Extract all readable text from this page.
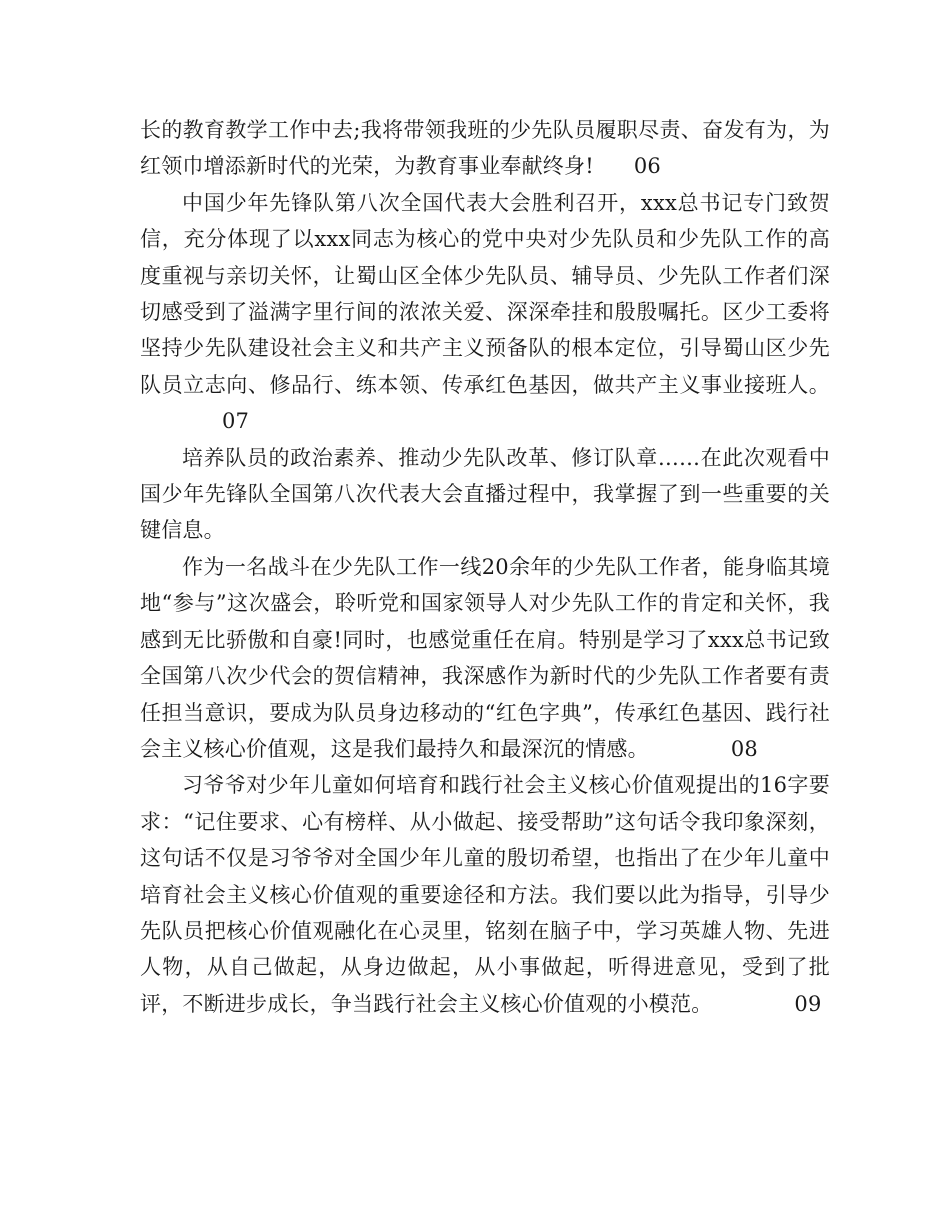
长的教育教学工作中去;我将带领我班的少先队员履职尽责、奋发有为，为红领巾增添新时代的光荣，为教育事业奉献终身! 06

中国少年先锋队第八次全国代表大会胜利召开，xxx总书记专门致贺信，充分体现了以xxx同志为核心的党中央对少先队员和少先队工作的高度重视与亲切关怀，让蜀山区全体少先队员、辅导员、少先队工作者们深切感受到了溢满字里行间的浓浓关爱、深深牵挂和殷殷嘱托。区少工委将坚持少先队建设社会主义和共产主义预备队的根本定位，引导蜀山区少先队员立志向、修品行、练本领、传承红色基因，做共产主义事业接班人。07

培养队员的政治素养、推动少先队改革、修订队章……在此次观看中国少年先锋队全国第八次代表大会直播过程中，我掌握了到一些重要的关键信息。

作为一名战斗在少先队工作一线20余年的少先队工作者，能身临其境地“参与”这次盛会，聆听党和国家领导人对少先队工作的肯定和关怀，我感到无比骄傲和自豪!同时，也感觉重任在肩。特别是学习了xxx总书记致全国第八次少代会的贺信精神，我深感作为新时代的少先队工作者要有责任担当意识，要成为队员身边移动的“红色字典”，传承红色基因、践行社会主义核心价值观，这是我们最持久和最深沉的情感。	08

习爷爷对少年儿童如何培育和践行社会主义核心价值观提出的16字要求：“记住要求、心有榜样、从小做起、接受帮助”这句话令我印象深刻，这句话不仅是习爷爷对全国少年儿童的殷切希望，也指出了在少年儿童中培育社会主义核心价值观的重要途径和方法。我们要以此为指导，引导少先队员把核心价值观融化在心灵里，铭刻在脑子中，学习英雄人物、先进人物，从自己做起，从身边做起，从小事做起，听得进意见，受到了批评，不断进步成长，争当践行社会主义核心价值观的小模范。	09
